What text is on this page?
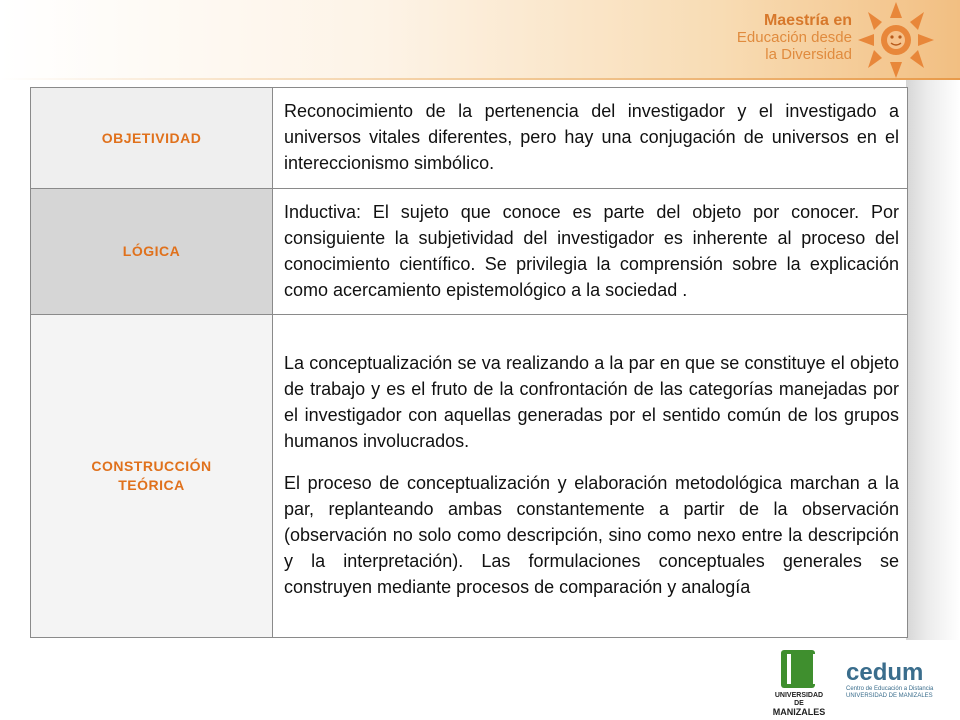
Maestría en
Educación desde
la Diversidad
OBJETIVIDAD	Reconocimiento de la pertenencia del investigador y el investigado a universos vitales diferentes, pero hay una conjugación de universos en el intereccionismo simbólico.

LÓGICA	Inductiva: El sujeto que conoce es parte del objeto por conocer. Por consiguiente la subjetividad del investigador es inherente al proceso del conocimiento científico. Se privilegia la comprensión sobre la explicación como acercamiento epistemológico a la sociedad .

CONSTRUCCIÓN TEÓRICA	La conceptualización se va realizando a la par en que se constituye el objeto de trabajo y es el fruto de la confrontación de las categorías manejadas por el investigador con aquellas generadas por el sentido común de los grupos humanos involucrados.

El proceso de conceptualización y elaboración metodológica marchan a la par, replanteando ambas constantemente a partir de la observación (observación no solo como descripción, sino como nexo entre la descripción y la interpretación). Las formulaciones conceptuales generales se construyen mediante procesos de comparación y analogía

UNIVERSIDAD DE
MANIZALES
cedum
Centro de Educación a Distancia UNIVERSIDAD DE MANIZALES
